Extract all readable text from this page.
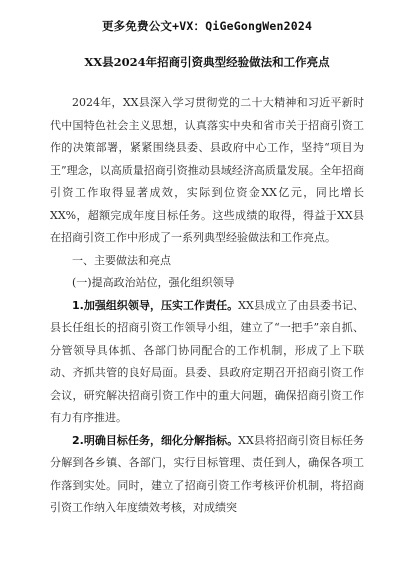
更多免费公文+VX：QiGeGongWen2024
XX县2024年招商引资典型经验做法和工作亮点

2024年，XX县深入学习贯彻党的二十大精神和习近平新时代中国特色社会主义思想，认真落实中央和省市关于招商引资工作的决策部署，紧紧围绕县委、县政府中心工作，坚持“项目为王”理念，以高质量招商引资推动县域经济高质量发展。全年招商引资工作取得显著成效，实际到位资金XX亿元，同比增长XX%，超额完成年度目标任务。这些成绩的取得，得益于XX县在招商引资工作中形成了一系列典型经验做法和工作亮点。

一、主要做法和亮点

(一)提高政治站位，强化组织领导

1.加强组织领导，压实工作责任。XX县成立了由县委书记、县长任组长的招商引资工作领导小组，建立了“一把手”亲自抓、分管领导具体抓、各部门协同配合的工作机制，形成了上下联动、齐抓共管的良好局面。县委、县政府定期召开招商引资工作会议，研究解决招商引资工作中的重大问题，确保招商引资工作有力有序推进。

2.明确目标任务，细化分解指标。XX县将招商引资目标任务分解到各乡镇、各部门，实行目标管理、责任到人，确保各项工作落到实处。同时，建立了招商引资工作考核评价机制，将招商引资工作纳入年度绩效考核，对成绩突
